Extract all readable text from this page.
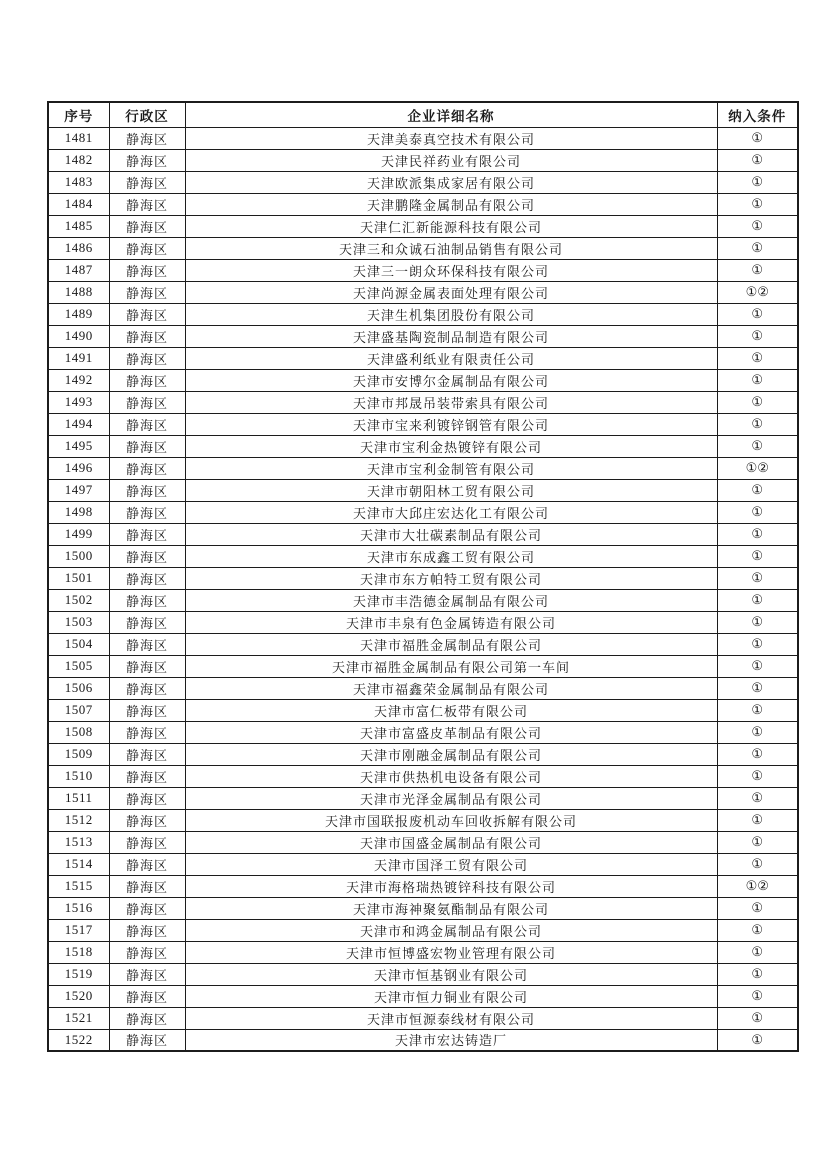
序号	行政区	企业详细名称	纳入条件
1481	静海区	天津美泰真空技术有限公司	①
1482	静海区	天津民祥药业有限公司	①
1483	静海区	天津欧派集成家居有限公司	①
1484	静海区	天津鹏隆金属制品有限公司	①
1485	静海区	天津仁汇新能源科技有限公司	①
1486	静海区	天津三和众诚石油制品销售有限公司	①
1487	静海区	天津三一朗众环保科技有限公司	①
1488	静海区	天津尚源金属表面处理有限公司	①②
1489	静海区	天津生机集团股份有限公司	①
1490	静海区	天津盛基陶瓷制品制造有限公司	①
1491	静海区	天津盛利纸业有限责任公司	①
1492	静海区	天津市安博尔金属制品有限公司	①
1493	静海区	天津市邦晟吊装带索具有限公司	①
1494	静海区	天津市宝来利镀锌钢管有限公司	①
1495	静海区	天津市宝利金热镀锌有限公司	①
1496	静海区	天津市宝利金制管有限公司	①②
1497	静海区	天津市朝阳林工贸有限公司	①
1498	静海区	天津市大邱庄宏达化工有限公司	①
1499	静海区	天津市大壮碳素制品有限公司	①
1500	静海区	天津市东成鑫工贸有限公司	①
1501	静海区	天津市东方帕特工贸有限公司	①
1502	静海区	天津市丰浩德金属制品有限公司	①
1503	静海区	天津市丰泉有色金属铸造有限公司	①
1504	静海区	天津市福胜金属制品有限公司	①
1505	静海区	天津市福胜金属制品有限公司第一车间	①
1506	静海区	天津市福鑫荣金属制品有限公司	①
1507	静海区	天津市富仁板带有限公司	①
1508	静海区	天津市富盛皮革制品有限公司	①
1509	静海区	天津市刚融金属制品有限公司	①
1510	静海区	天津市供热机电设备有限公司	①
1511	静海区	天津市光泽金属制品有限公司	①
1512	静海区	天津市国联报废机动车回收拆解有限公司	①
1513	静海区	天津市国盛金属制品有限公司	①
1514	静海区	天津市国泽工贸有限公司	①
1515	静海区	天津市海格瑞热镀锌科技有限公司	①②
1516	静海区	天津市海神聚氨酯制品有限公司	①
1517	静海区	天津市和鸿金属制品有限公司	①
1518	静海区	天津市恒博盛宏物业管理有限公司	①
1519	静海区	天津市恒基钢业有限公司	①
1520	静海区	天津市恒力铜业有限公司	①
1521	静海区	天津市恒源泰线材有限公司	①
1522	静海区	天津市宏达铸造厂	①
